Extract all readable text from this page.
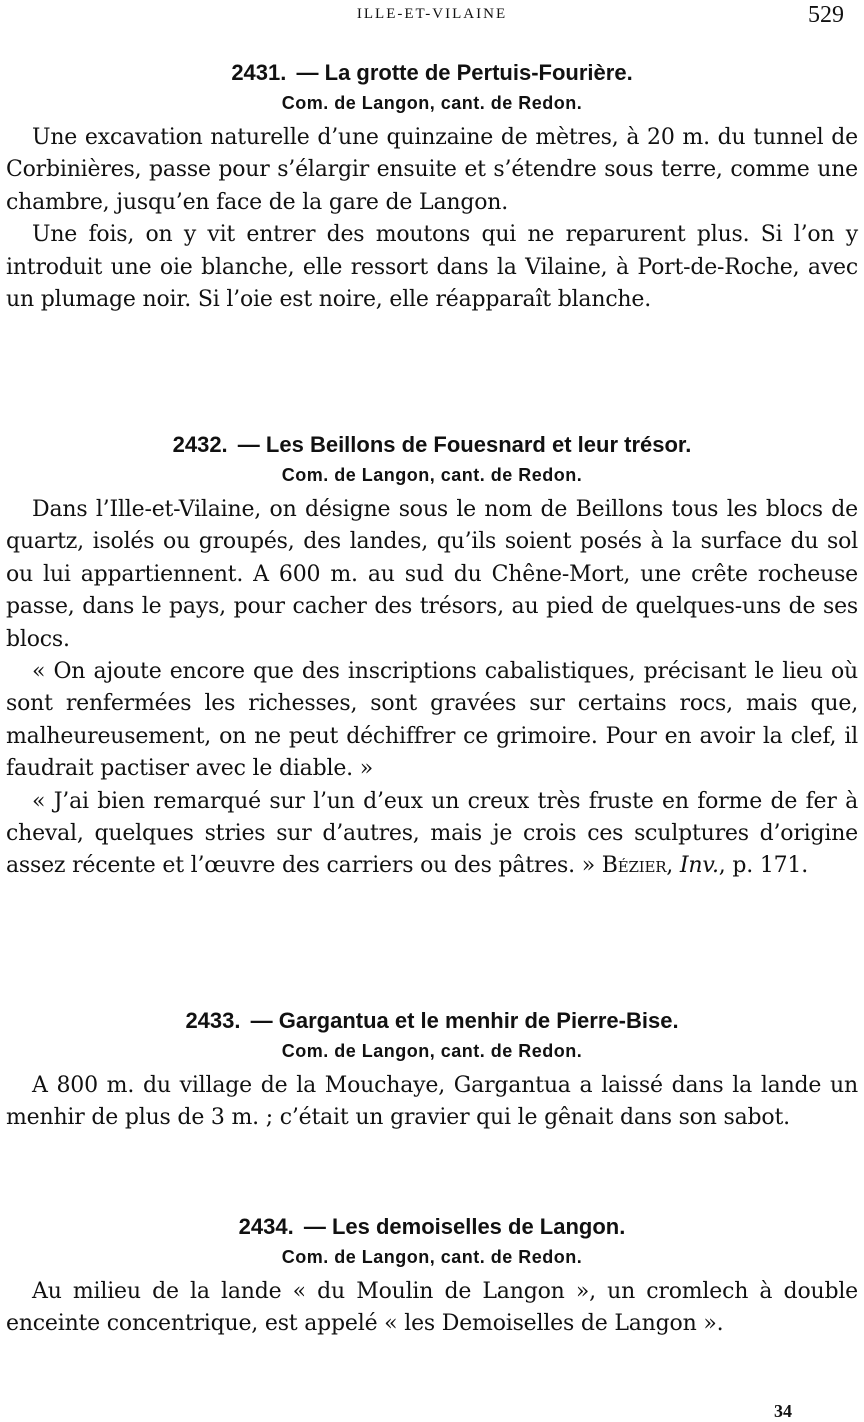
ILLE-ET-VILAINE	529
2431. — La grotte de Pertuis-Fourière.
Com. de Langon, cant. de Redon.

Une excavation naturelle d’une quinzaine de mètres, à 20 m. du tunnel de Corbinières, passe pour s’élargir ensuite et s’étendre sous terre, comme une chambre, jusqu’en face de la gare de Langon.

Une fois, on y vit entrer des moutons qui ne reparurent plus. Si l’on y introduit une oie blanche, elle ressort dans la Vilaine, à Port-de-Roche, avec un plumage noir. Si l’oie est noire, elle réapparaît blanche.

2432. — Les Beillons de Fouesnard et leur trésor.
Com. de Langon, cant. de Redon.

Dans l’Ille-et-Vilaine, on désigne sous le nom de Beillons tous les blocs de quartz, isolés ou groupés, des landes, qu’ils soient posés à la surface du sol ou lui appartiennent. A 600 m. au sud du Chêne-Mort, une crête rocheuse passe, dans le pays, pour cacher des trésors, au pied de quelques-uns de ses blocs.

« On ajoute encore que des inscriptions cabalistiques, précisant le lieu où sont renfermées les richesses, sont gravées sur certains rocs, mais que, malheureusement, on ne peut déchiffrer ce grimoire. Pour en avoir la clef, il faudrait pactiser avec le diable. »

« J’ai bien remarqué sur l’un d’eux un creux très fruste en forme de fer à cheval, quelques stries sur d’autres, mais je crois ces sculptures d’origine assez récente et l’œuvre des carriers ou des pâtres. » Bézier, Inv., p. 171.

2433. — Gargantua et le menhir de Pierre-Bise.
Com. de Langon, cant. de Redon.

A 800 m. du village de la Mouchaye, Gargantua a laissé dans la lande un menhir de plus de 3 m. ; c’était un gravier qui le gênait dans son sabot.

2434. — Les demoiselles de Langon.
Com. de Langon, cant. de Redon.

Au milieu de la lande « du Moulin de Langon », un cromlech à double enceinte concentrique, est appelé « les Demoiselles de Langon ».

34
